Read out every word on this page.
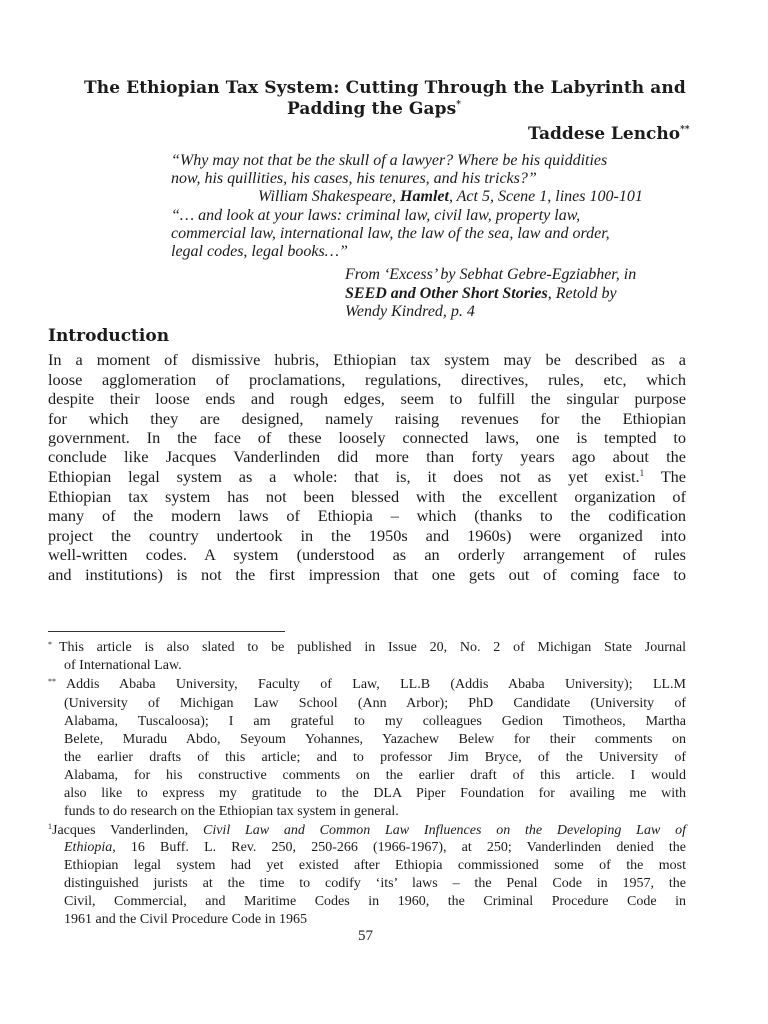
The Ethiopian Tax System: Cutting Through the Labyrinth and
Padding the Gaps*
Taddese Lencho**
“Why may not that be the skull of a lawyer? Where be his quiddities
now, his quillities, his cases, his tenures, and his tricks?”
William Shakespeare, Hamlet, Act 5, Scene 1, lines 100-101
“… and look at your laws: criminal law, civil law, property law,
commercial law, international law, the law of the sea, law and order,
legal codes, legal books…”
From ‘Excess’ by Sebhat Gebre-Egziabher, in
SEED and Other Short Stories, Retold by
Wendy Kindred, p. 4
Introduction
In a moment of dismissive hubris, Ethiopian tax system may be described as a
loose agglomeration of proclamations, regulations, directives, rules, etc, which
despite their loose ends and rough edges, seem to fulfill the singular purpose
for which they are designed, namely raising revenues for the Ethiopian
government. In the face of these loosely connected laws, one is tempted to
conclude like Jacques Vanderlinden did more than forty years ago about the
Ethiopian legal system as a whole: that is, it does not as yet exist.$^1$ The
Ethiopian tax system has not been blessed with the excellent organization of
many of the modern laws of Ethiopia – which (thanks to the codification
project the country undertook in the 1950s and 1960s) were organized into
well-written codes. A system (understood as an orderly arrangement of rules
and institutions) is not the first impression that one gets out of coming face to
* This article is also slated to be published in Issue 20, No. 2 of Michigan State Journal
of International Law.
** Addis Ababa University, Faculty of Law, LL.B (Addis Ababa University); LL.M
(University of Michigan Law School (Ann Arbor); PhD Candidate (University of
Alabama, Tuscaloosa); I am grateful to my colleagues Gedion Timotheos, Martha
Belete, Muradu Abdo, Seyoum Yohannes, Yazachew Belew for their comments on
the earlier drafts of this article; and to professor Jim Bryce, of the University of
Alabama, for his constructive comments on the earlier draft of this article. I would
also like to express my gratitude to the DLA Piper Foundation for availing me with
funds to do research on the Ethiopian tax system in general.
$^1$Jacques Vanderlinden, Civil Law and Common Law Influences on the Developing Law of
Ethiopia, 16 Buff. L. Rev. 250, 250-266 (1966-1967), at 250; Vanderlinden denied the
Ethiopian legal system had yet existed after Ethiopia commissioned some of the most
distinguished jurists at the time to codify ‘its’ laws – the Penal Code in 1957, the
Civil, Commercial, and Maritime Codes in 1960, the Criminal Procedure Code in
1961 and the Civil Procedure Code in 1965
57
